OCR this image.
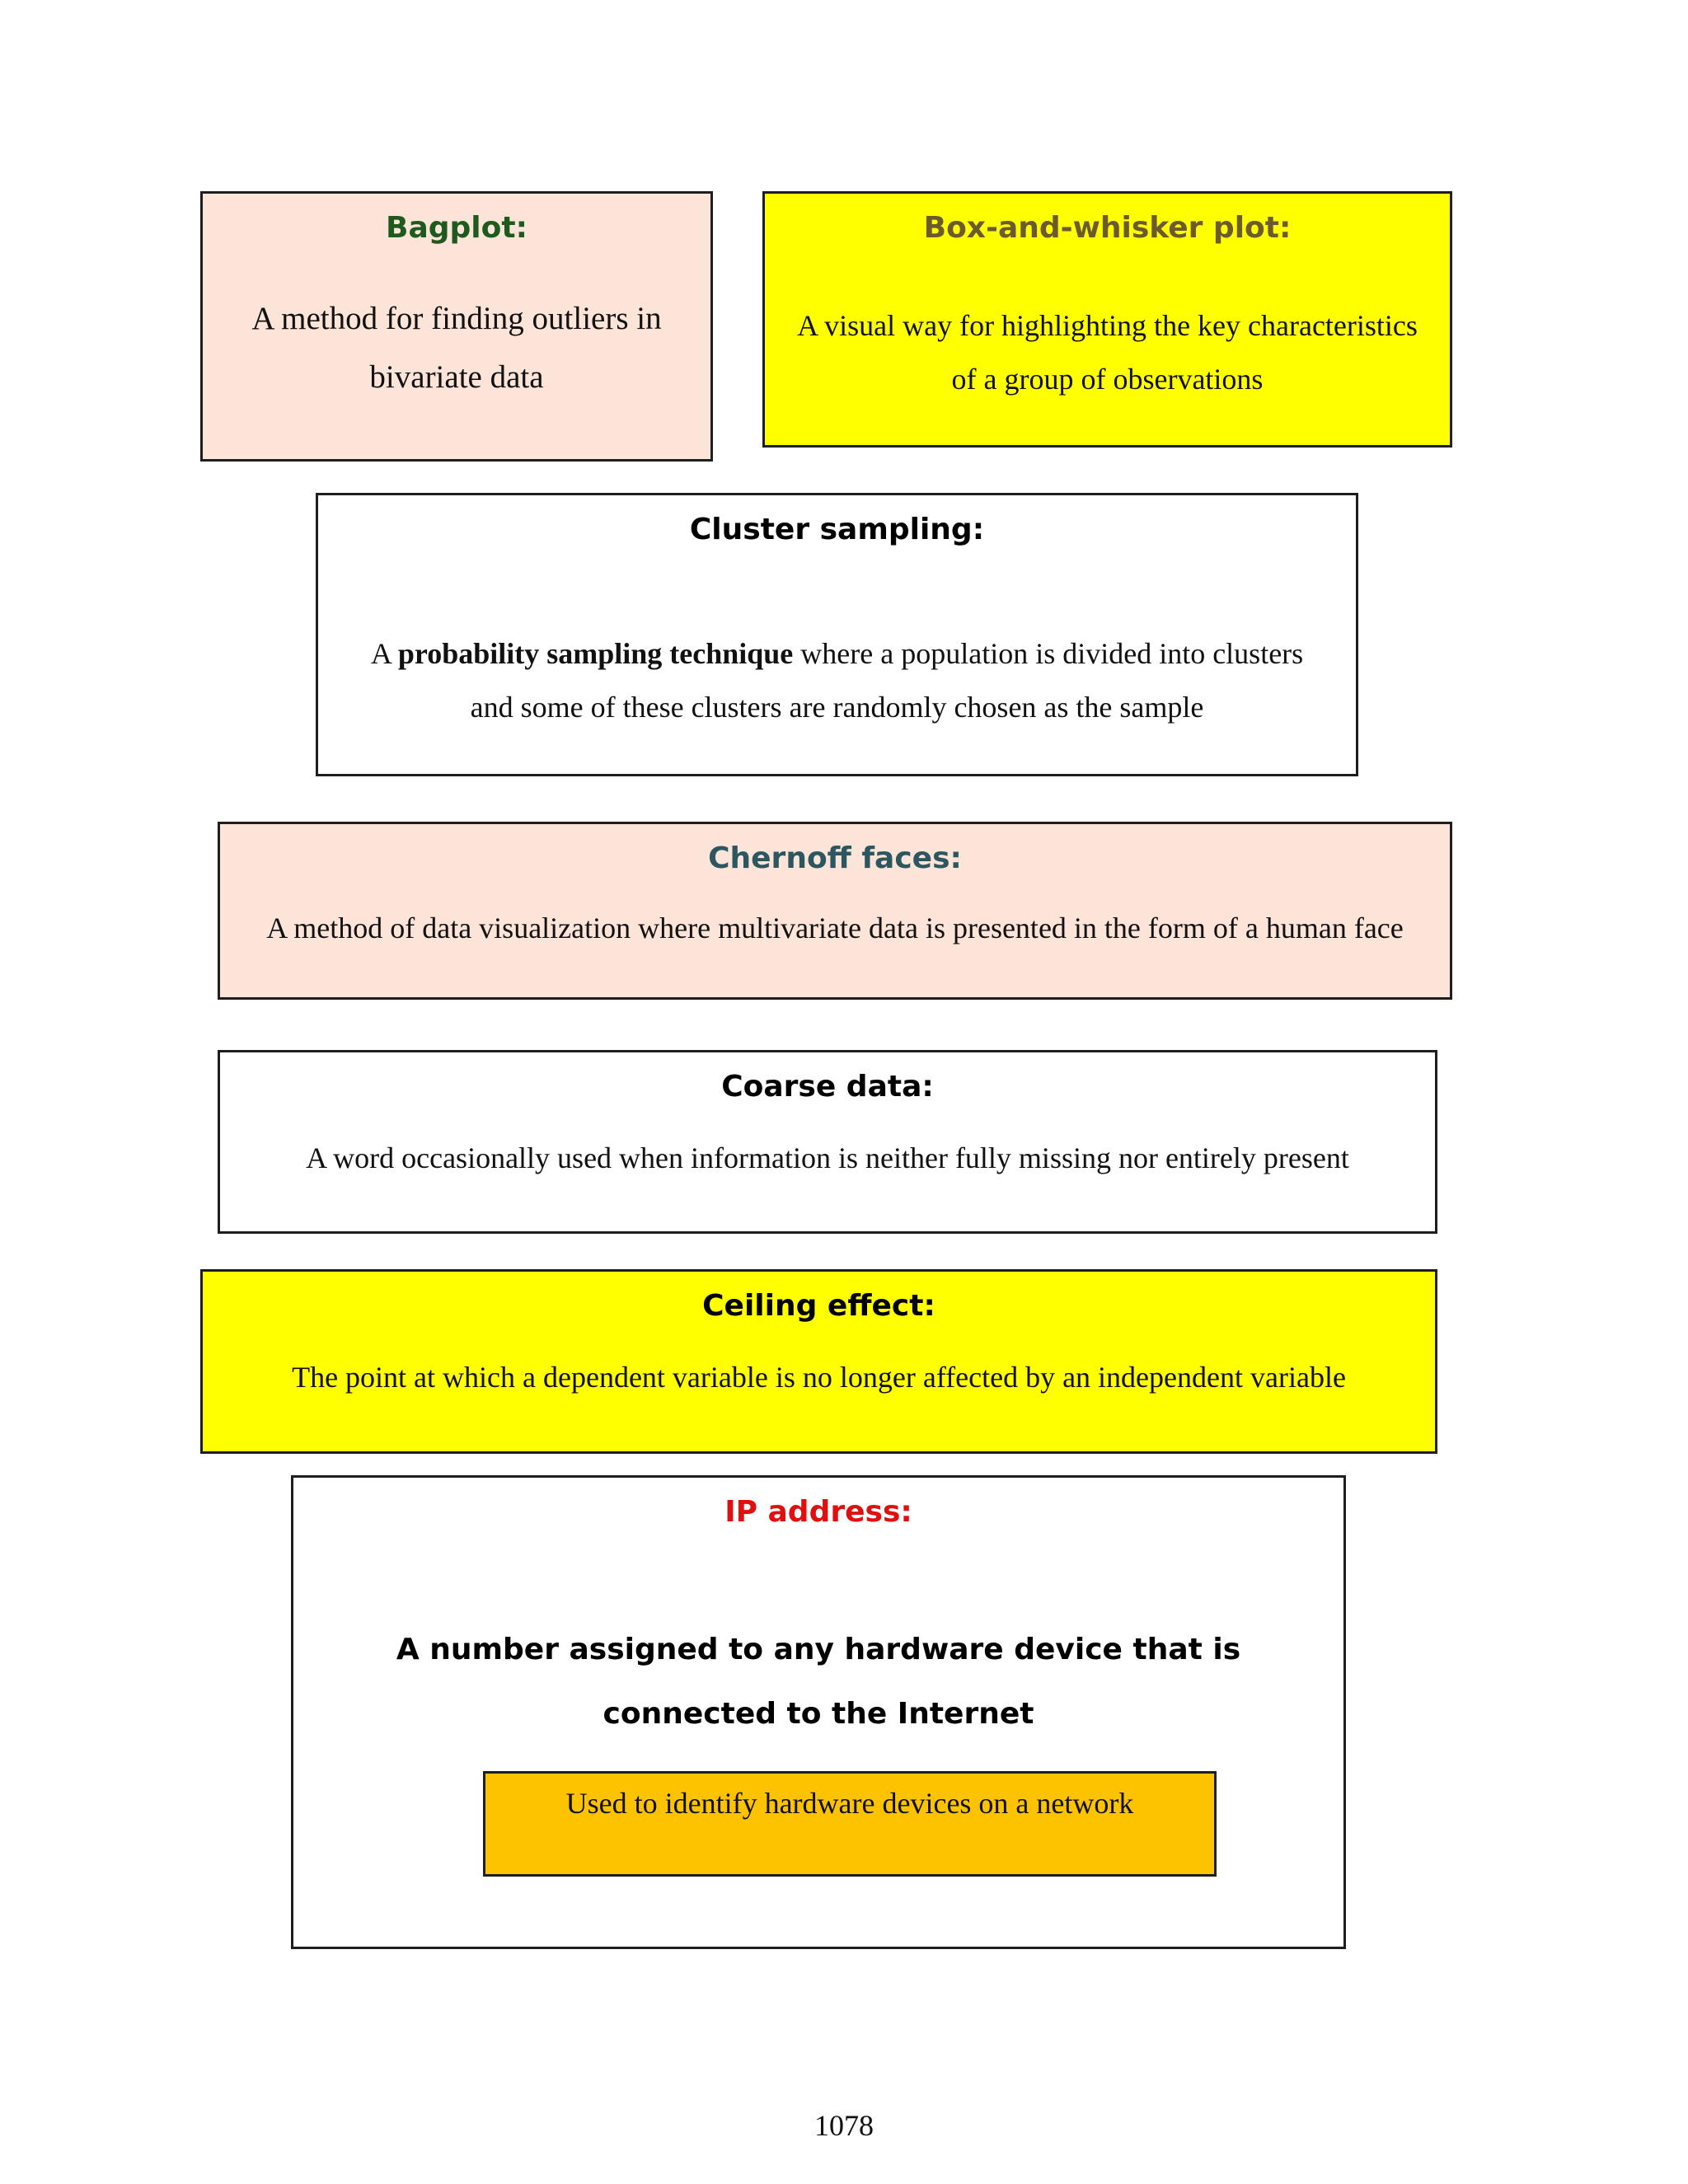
Bagplot:
A method for finding outliers in bivariate data
Box-and-whisker plot:
A visual way for highlighting the key characteristics of a group of observations
Cluster sampling:
A probability sampling technique where a population is divided into clusters and some of these clusters are randomly chosen as the sample
Chernoff faces:
A method of data visualization where multivariate data is presented in the form of a human face
Coarse data:
A word occasionally used when information is neither fully missing nor entirely present
Ceiling effect:
The point at which a dependent variable is no longer affected by an independent variable
IP address:
A number assigned to any hardware device that is connected to the Internet
Used to identify hardware devices on a network
1078
